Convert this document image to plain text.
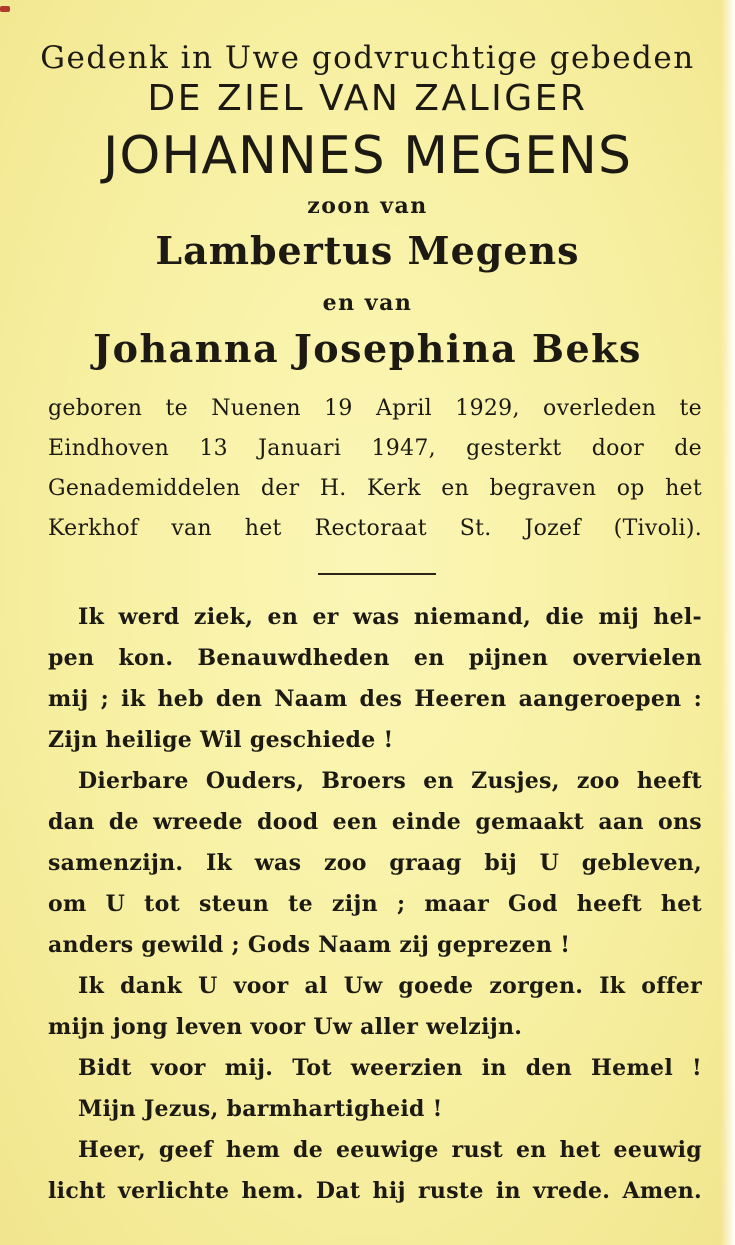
Gedenk in Uwe godvruchtige gebeden
DE ZIEL VAN ZALIGER
JOHANNES MEGENS
zoon van
Lambertus Megens
en van
Johanna Josephina Beks
geboren te Nuenen 19 April 1929, overleden te
Eindhoven 13 Januari 1947, gesterkt door de
Genademiddelen der H. Kerk en begraven op het
Kerkhof van het Rectoraat St. Jozef (Tivoli).
Ik werd ziek, en er was niemand, die mij hel-
pen kon. Benauwdheden en pijnen overvielen
mij ; ik heb den Naam des Heeren aangeroepen :
Zijn heilige Wil geschiede !
Dierbare Ouders, Broers en Zusjes, zoo heeft
dan de wreede dood een einde gemaakt aan ons
samenzijn. Ik was zoo graag bij U gebleven,
om U tot steun te zijn ; maar God heeft het
anders gewild ; Gods Naam zij geprezen !
Ik dank U voor al Uw goede zorgen. Ik offer
mijn jong leven voor Uw aller welzijn.
Bidt voor mij. Tot weerzien in den Hemel !
Mijn Jezus, barmhartigheid !
Heer, geef hem de eeuwige rust en het eeuwig
licht verlichte hem. Dat hij ruste in vrede. Amen.
